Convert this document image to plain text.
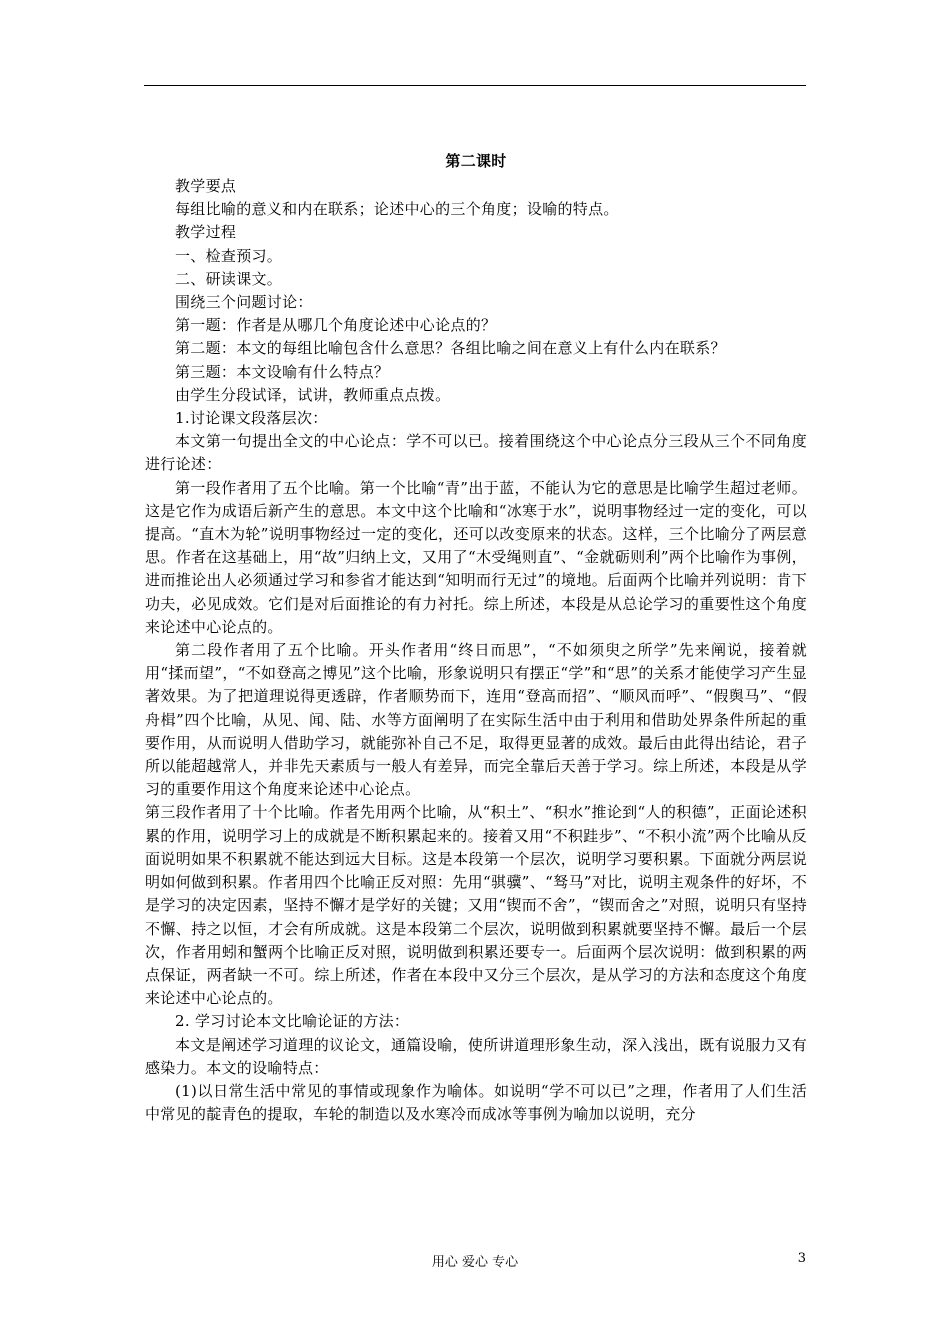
第二课时

教学要点

每组比喻的意义和内在联系；论述中心的三个角度；设喻的特点。

教学过程

一、检查预习。

二、研读课文。

围绕三个问题讨论：

第一题：作者是从哪几个角度论述中心论点的？

第二题：本文的每组比喻包含什么意思？各组比喻之间在意义上有什么内在联系？

第三题：本文设喻有什么特点？

由学生分段试译，试讲，教师重点点拨。

1.讨论课文段落层次：

本文第一句提出全文的中心论点：学不可以已。接着围绕这个中心论点分三段从三个不同角度进行论述：

第一段作者用了五个比喻。第一个比喻“青”出于蓝，不能认为它的意思是比喻学生超过老师。这是它作为成语后新产生的意思。本文中这个比喻和“冰寒于水”，说明事物经过一定的变化，可以提高。“直木为轮”说明事物经过一定的变化，还可以改变原来的状态。这样，三个比喻分了两层意思。作者在这基础上，用“故”归纳上文，又用了“木受绳则直”、“金就砺则利”两个比喻作为事例，进而推论出人必须通过学习和参省才能达到“知明而行无过”的境地。后面两个比喻并列说明：肯下功夫，必见成效。它们是对后面推论的有力衬托。综上所述，本段是从总论学习的重要性这个角度来论述中心论点的。

第二段作者用了五个比喻。开头作者用“终日而思”，“不如须臾之所学”先来阐说，接着就用“揉而望”，“不如登高之博见”这个比喻，形象说明只有摆正“学”和“思”的关系才能使学习产生显著效果。为了把道理说得更透辟，作者顺势而下，连用“登高而招”、“顺风而呼”、“假舆马”、“假舟楫”四个比喻，从见、闻、陆、水等方面阐明了在实际生活中由于利用和借助处界条件所起的重要作用，从而说明人借助学习，就能弥补自己不足，取得更显著的成效。最后由此得出结论，君子所以能超越常人，并非先天素质与一般人有差异，而完全靠后天善于学习。综上所述，本段是从学习的重要作用这个角度来论述中心论点。

第三段作者用了十个比喻。作者先用两个比喻，从“积土”、“积水”推论到“人的积德”，正面论述积累的作用，说明学习上的成就是不断积累起来的。接着又用“不积跬步”、“不积小流”两个比喻从反面说明如果不积累就不能达到远大目标。这是本段第一个层次，说明学习要积累。下面就分两层说明如何做到积累。作者用四个比喻正反对照：先用“骐骥”、“驽马”对比，说明主观条件的好坏，不是学习的决定因素，坚持不懈才是学好的关键；又用“锲而不舍”，“锲而舍之”对照，说明只有坚持不懈、持之以恒，才会有所成就。这是本段第二个层次，说明做到积累就要坚持不懈。最后一个层次，作者用蚓和蟹两个比喻正反对照，说明做到积累还要专一。后面两个层次说明：做到积累的两点保证，两者缺一不可。综上所述，作者在本段中又分三个层次，是从学习的方法和态度这个角度来论述中心论点的。

2. 学习讨论本文比喻论证的方法：

本文是阐述学习道理的议论文，通篇设喻，使所讲道理形象生动，深入浅出，既有说服力又有感染力。本文的设喻特点：

(1)以日常生活中常见的事情或现象作为喻体。如说明“学不可以已”之理，作者用了人们生活中常见的靛青色的提取，车轮的制造以及水寒冷而成冰等事例为喻加以说明，充分

用心 爱心 专心	3
